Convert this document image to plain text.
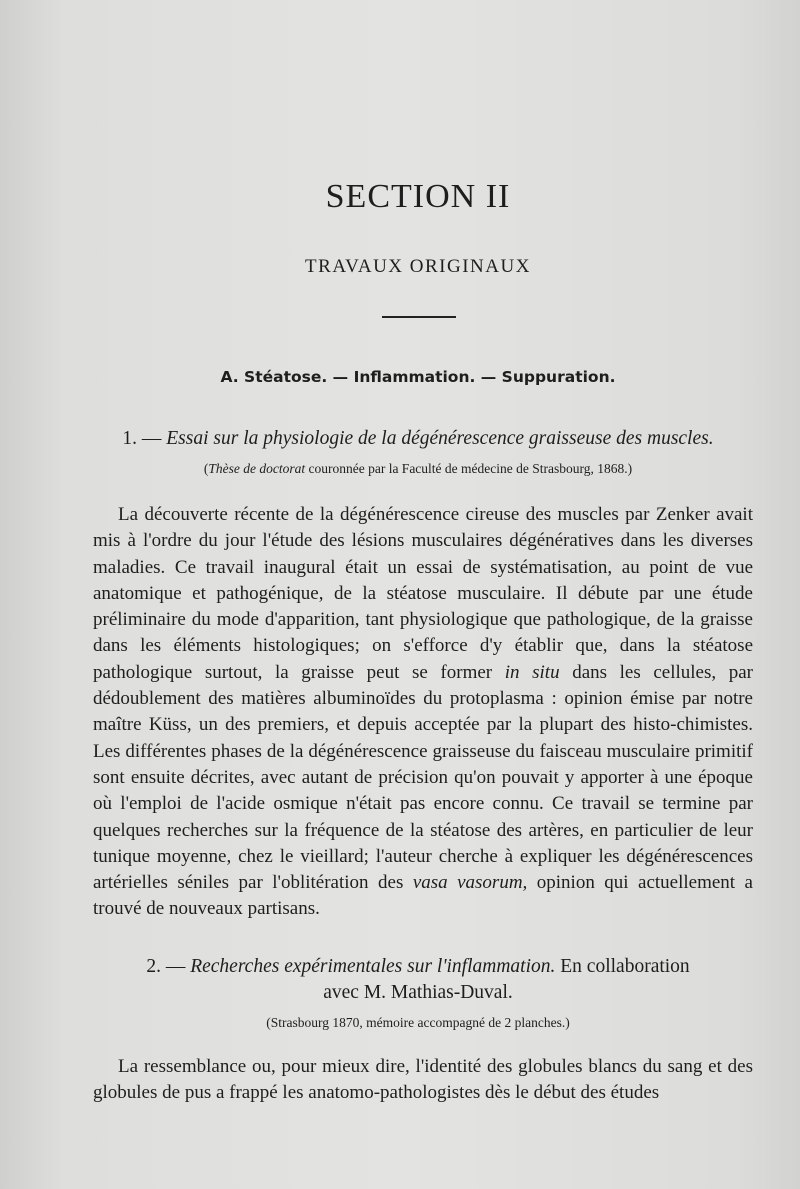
SECTION II
TRAVAUX ORIGINAUX
A. Stéatose. — Inflammation. — Suppuration.
1. — Essai sur la physiologie de la dégénérescence graisseuse des muscles.
(Thèse de doctorat couronnée par la Faculté de médecine de Strasbourg, 1868.)

La découverte récente de la dégénérescence cireuse des muscles par Zenker avait mis à l'ordre du jour l'étude des lésions musculaires dégénératives dans les diverses maladies. Ce travail inaugural était un essai de systématisation, au point de vue anatomique et pathogénique, de la stéatose musculaire. Il débute par une étude préliminaire du mode d'apparition, tant physiologique que pathologique, de la graisse dans les éléments histologiques; on s'efforce d'y établir que, dans la stéatose pathologique surtout, la graisse peut se former in situ dans les cellules, par dédoublement des matières albuminoïdes du protoplasma : opinion émise par notre maître Küss, un des premiers, et depuis acceptée par la plupart des histo-chimistes. Les différentes phases de la dégénérescence graisseuse du faisceau musculaire primitif sont ensuite décrites, avec autant de précision qu'on pouvait y apporter à une époque où l'emploi de l'acide osmique n'était pas encore connu. Ce travail se termine par quelques recherches sur la fréquence de la stéatose des artères, en particulier de leur tunique moyenne, chez le vieillard; l'auteur cherche à expliquer les dégénérescences artérielles séniles par l'oblitération des vasa vasorum, opinion qui actuellement a trouvé de nouveaux partisans.

2. — Recherches expérimentales sur l'inflammation. En collaboration
avec M. Mathias-Duval.
(Strasbourg 1870, mémoire accompagné de 2 planches.)

La ressemblance ou, pour mieux dire, l'identité des globules blancs du sang et des globules de pus a frappé les anatomo-pathologistes dès le début des études
